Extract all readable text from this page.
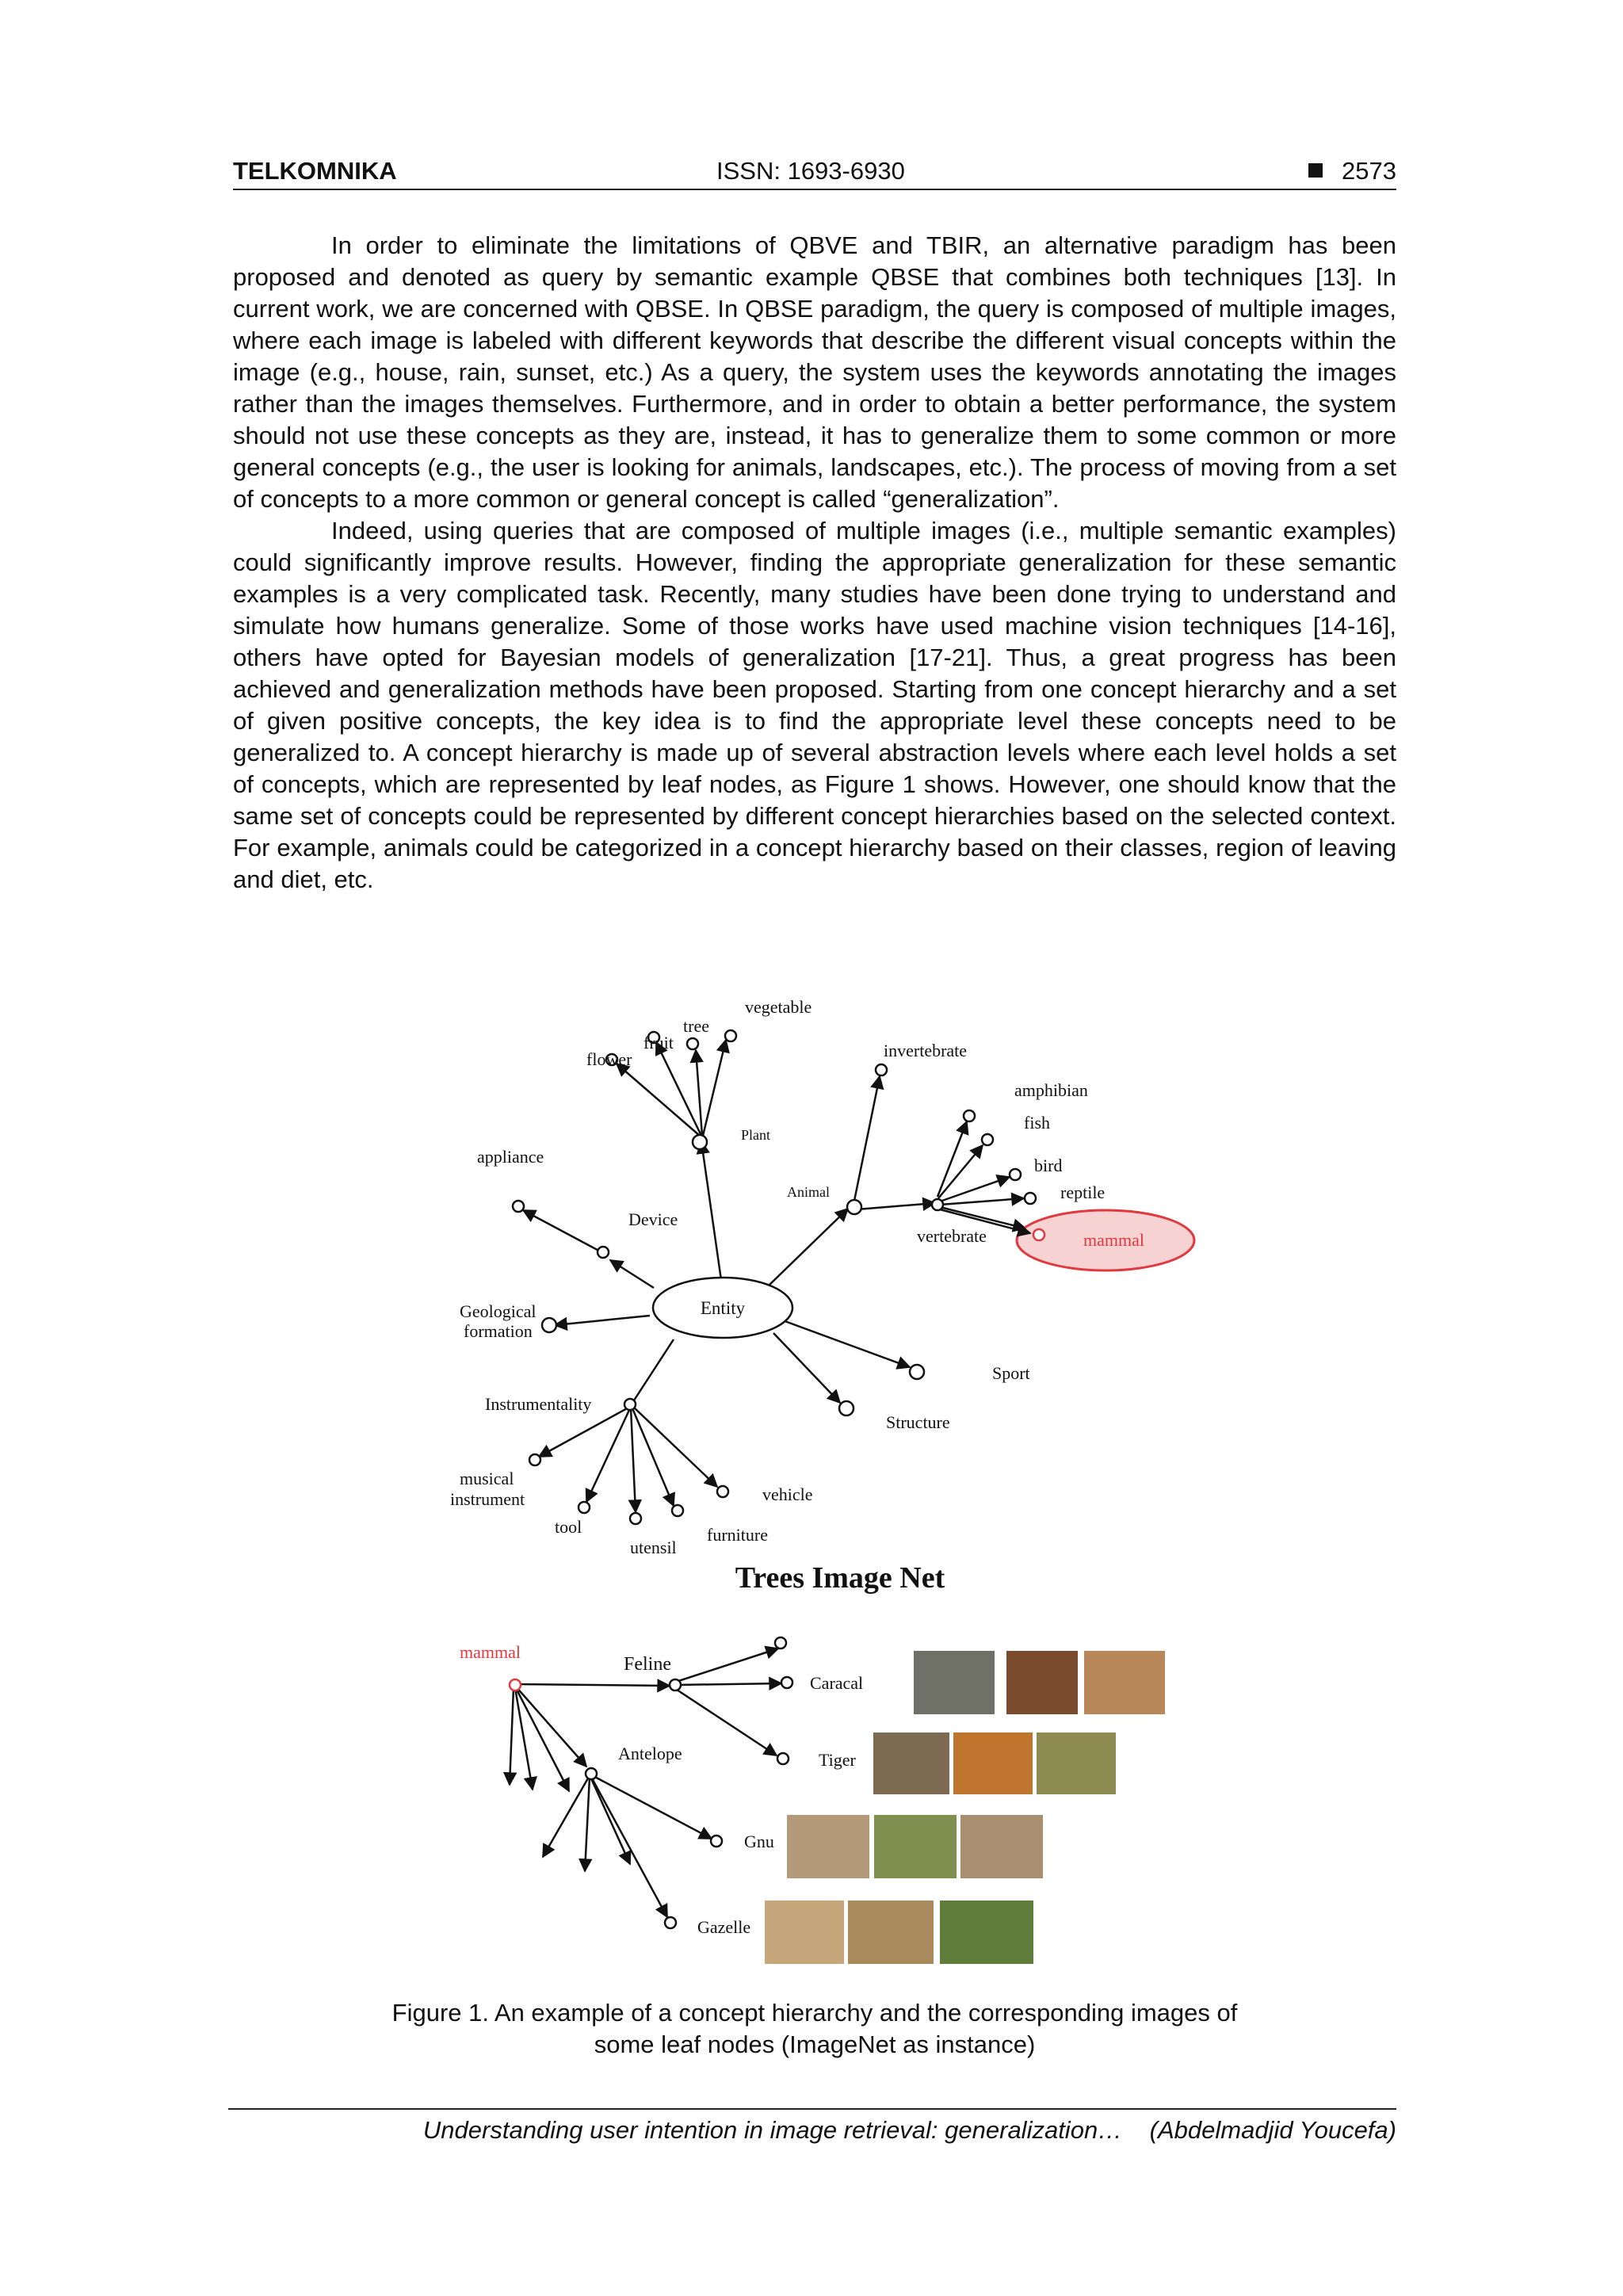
TELKOMNIKA	ISSN: 1693-6930	2573

In order to eliminate the limitations of QBVE and TBIR, an alternative paradigm has been proposed and denoted as query by semantic example QBSE that combines both techniques [13]. In current work, we are concerned with QBSE. In QBSE paradigm, the query is composed of multiple images, where each image is labeled with different keywords that describe the different visual concepts within the image (e.g., house, rain, sunset, etc.) As a query, the system uses the keywords annotating the images rather than the images themselves. Furthermore, and in order to obtain a better performance, the system should not use these concepts as they are, instead, it has to generalize them to some common or more general concepts (e.g., the user is looking for animals, landscapes, etc.). The process of moving from a set of concepts to a more common or general concept is called “generalization”.

Indeed, using queries that are composed of multiple images (i.e., multiple semantic examples) could significantly improve results. However, finding the appropriate generalization for these semantic examples is a very complicated task. Recently, many studies have been done trying to understand and simulate how humans generalize. Some of those works have used machine vision techniques [14-16], others have opted for Bayesian models of generalization [17-21]. Thus, a great progress has been achieved and generalization methods have been proposed. Starting from one concept hierarchy and a set of given positive concepts, the key idea is to find the appropriate level these concepts need to be generalized to. A concept hierarchy is made up of several abstraction levels where each level holds a set of concepts, which are represented by leaf nodes, as Figure 1 shows. However, one should know that the same set of concepts could be represented by different concept hierarchies based on the selected context. For example, animals could be categorized in a concept hierarchy based on their classes, region of leaving and diet, etc.

Entity
Plant
vegetable
tree
fruit
flower	invertebrate
amphibian
fish
bird
reptile
mammal
vertebrate
Animal
appliance
Device
Geological
formation
Sport
Structure
Instrumentality
musical
instrument
tool
utensil
furniture
vehicle
Trees Image Net
mammal
Feline
Caracal
Tiger
Antelope
Gnu
Gazelle
Figure 1. An example of a concept hierarchy and the corresponding images of
some leaf nodes (ImageNet as instance)
Understanding user intention in image retrieval: generalization… (Abdelmadjid Youcefa)
